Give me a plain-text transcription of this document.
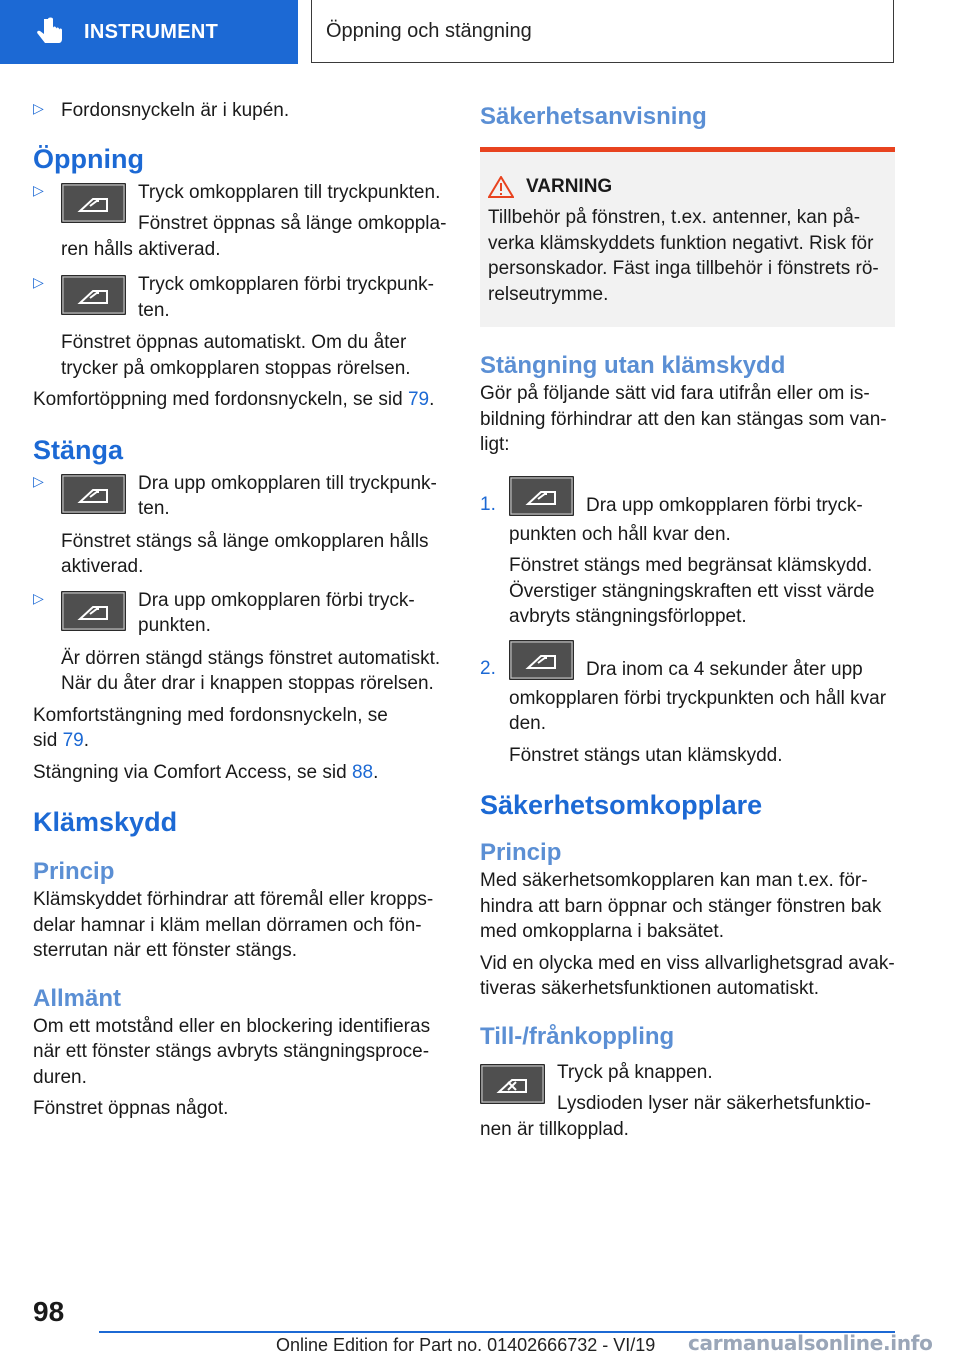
INSTRUMENT	Öppning och stängning
▷ Fordonsnyckeln är i kupén.

Öppning
▷	Tryck omkopplaren till tryckpunkten.

Fönstret öppnas så länge omkoppla-

ren hålls aktiverad.

▷	Tryck omkopplaren förbi tryckpunk-

ten.

Fönstret öppnas automatiskt. Om du åter trycker på omkopplaren stoppas rörelsen.

Komfortöppning med fordonsnyckeln, se sid 79.

Stänga
▷	Dra upp omkopplaren till tryckpunk-

ten.

Fönstret stängs så länge omkopplaren hålls aktiverad.

▷	Dra upp omkopplaren förbi tryck-

punkten.

Är dörren stängd stängs fönstret automatiskt. När du åter drar i knappen stoppas rörelsen.

Komfortstängning med fordonsnyckeln, se
sid 79.

Stängning via Comfort Access, se sid 88.

Klämskydd
Princip

Klämskyddet förhindrar att föremål eller kropps-delar hamnar i kläm mellan dörramen och fön-sterrutan när ett fönster stängs.

Allmänt

Om ett motstånd eller en blockering identifieras när ett fönster stängs avbryts stängningsproce-duren.

Fönstret öppnas något.

Säkerhetsanvisning
VARNING

Tillbehör på fönstren, t.ex. antenner, kan på-verka klämskyddets funktion negativt. Risk för personskador. Fäst inga tillbehör i fönstrets rö-relseutrymme.

Stängning utan klämskydd

Gör på följande sätt vid fara utifrån eller om is-bildning förhindrar att den kan stängas som van-ligt:

1.	Dra upp omkopplaren förbi tryck-

punkten och håll kvar den.

Fönstret stängs med begränsat klämskydd. Överstiger stängningskraften ett visst värde avbryts stängningsförloppet.

2.	Dra inom ca 4 sekunder åter upp

omkopplaren förbi tryckpunkten och håll kvar den.

Fönstret stängs utan klämskydd.

Säkerhetsomkopplare
Princip

Med säkerhetsomkopplaren kan man t.ex. för-hindra att barn öppnar och stänger fönstren bak med omkopplarna i baksätet.

Vid en olycka med en viss allvarlighetsgrad avak-tiveras säkerhetsfunktionen automatiskt.

Till-/frånkoppling

Tryck på knappen.

Lysdioden lyser när säkerhetsfunktio-

nen är tillkopplad.

98
Online Edition for Part no. 01402666732 - VI/19 carmanualsonline.info
